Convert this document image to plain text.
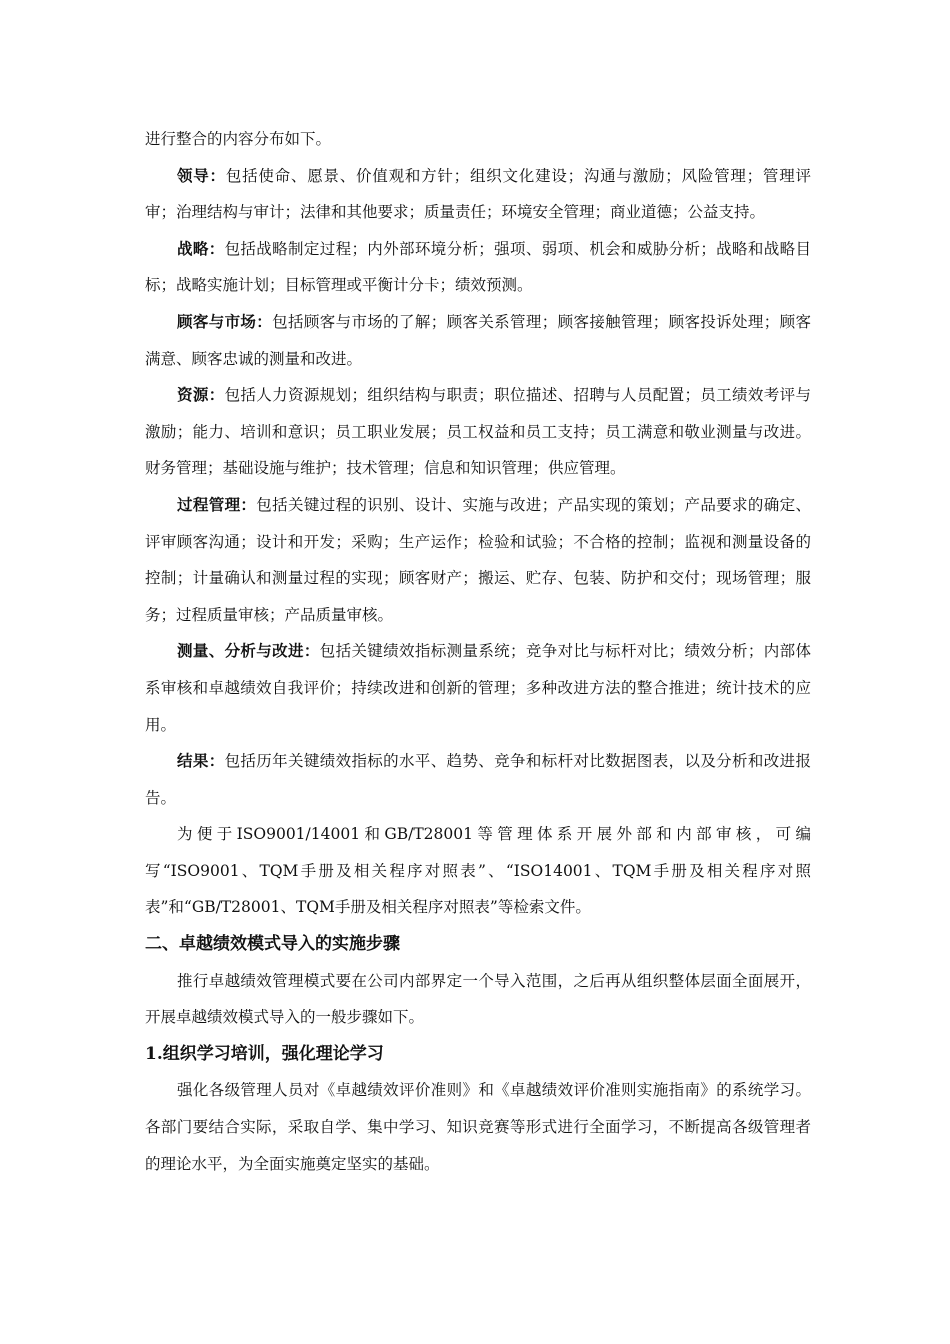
进行整合的内容分布如下。

领导：包括使命、愿景、价值观和方针；组织文化建设；沟通与激励；风险管理；管理评审；治理结构与审计；法律和其他要求；质量责任；环境安全管理；商业道德；公益支持。

战略：包括战略制定过程；内外部环境分析；强项、弱项、机会和威胁分析；战略和战略目标；战略实施计划；目标管理或平衡计分卡；绩效预测。

顾客与市场：包括顾客与市场的了解；顾客关系管理；顾客接触管理；顾客投诉处理；顾客满意、顾客忠诚的测量和改进。

资源：包括人力资源规划；组织结构与职责；职位描述、招聘与人员配置；员工绩效考评与激励；能力、培训和意识；员工职业发展；员工权益和员工支持；员工满意和敬业测量与改进。财务管理；基础设施与维护；技术管理；信息和知识管理；供应管理。

过程管理：包括关键过程的识别、设计、实施与改进；产品实现的策划；产品要求的确定、评审顾客沟通；设计和开发；采购；生产运作；检验和试验；不合格的控制；监视和测量设备的控制；计量确认和测量过程的实现；顾客财产；搬运、贮存、包装、防护和交付；现场管理；服务；过程质量审核；产品质量审核。

测量、分析与改进：包括关键绩效指标测量系统；竞争对比与标杆对比；绩效分析；内部体系审核和卓越绩效自我评价；持续改进和创新的管理；多种改进方法的整合推进；统计技术的应用。

结果：包括历年关键绩效指标的水平、趋势、竞争和标杆对比数据图表，以及分析和改进报告。

为便于ISO9001/14001和GB/T28001等管理体系开展外部和内部审核，可编写“ISO9001、TQM手册及相关程序对照表”、“ISO14001、TQM手册及相关程序对照表”和“GB/T28001、TQM手册及相关程序对照表”等检索文件。

二、卓越绩效模式导入的实施步骤

推行卓越绩效管理模式要在公司内部界定一个导入范围，之后再从组织整体层面全面展开，开展卓越绩效模式导入的一般步骤如下。

1.组织学习培训，强化理论学习

强化各级管理人员对《卓越绩效评价准则》和《卓越绩效评价准则实施指南》的系统学习。各部门要结合实际，采取自学、集中学习、知识竞赛等形式进行全面学习，不断提高各级管理者的理论水平，为全面实施奠定坚实的基础。
